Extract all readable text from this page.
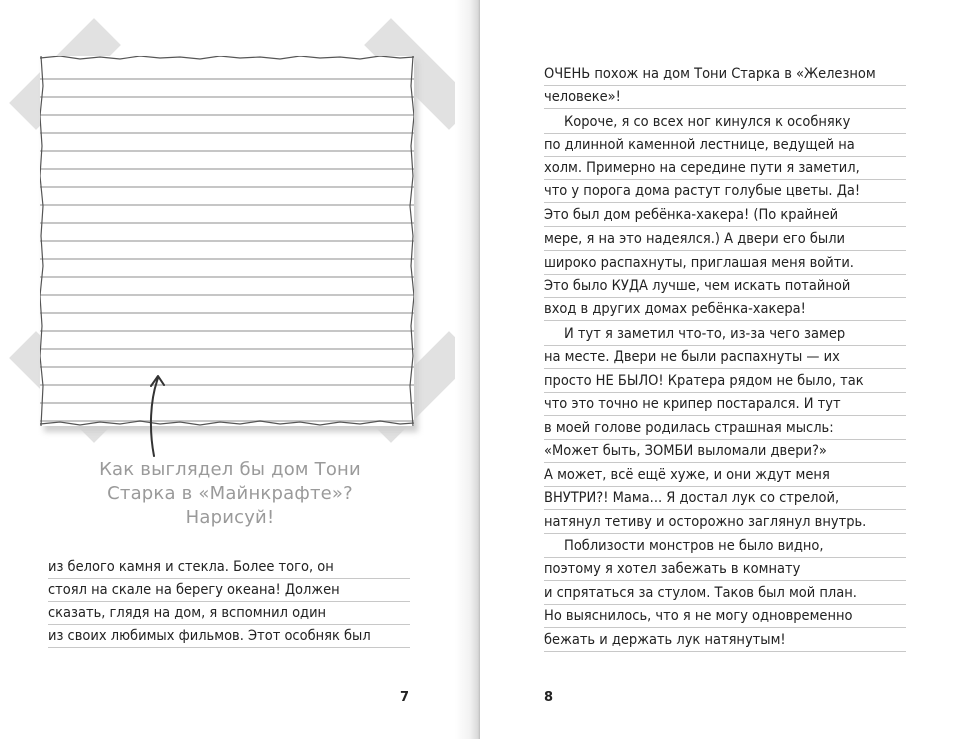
Как выглядел бы дом Тони
Старка в «Майнкрафте»?
Нарисуй!
из белого камня и стекла. Более того, он
стоял на скале на берегу океана! Должен
сказать, глядя на дом, я вспомнил один
из своих любимых фильмов. Этот особняк был
7
ОЧЕНЬ похож на дом Тони Старка в «Железном
человеке»!
Короче, я со всех ног кинулся к особняку
по длинной каменной лестнице, ведущей на
холм. Примерно на середине пути я заметил,
что у порога дома растут голубые цветы. Да!
Это был дом ребёнка-хакера! (По крайней
мере, я на это надеялся.) А двери его были
широко распахнуты, приглашая меня войти.
Это было КУДА лучше, чем искать потайной
вход в других домах ребёнка-хакера!
И тут я заметил что-то, из-за чего замер
на месте. Двери не были распахнуты — их
просто НЕ БЫЛО! Кратера рядом не было, так
что это точно не крипер постарался. И тут
в моей голове родилась страшная мысль:
«Может быть, ЗОМБИ выломали двери?»
А может, всё ещё хуже, и они ждут меня
ВНУТРИ?! Мама... Я достал лук со стрелой,
натянул тетиву и осторожно заглянул внутрь.
Поблизости монстров не было видно,
поэтому я хотел забежать в комнату
и спрятаться за стулом. Таков был мой план.
Но выяснилось, что я не могу одновременно
бежать и держать лук натянутым!
8
